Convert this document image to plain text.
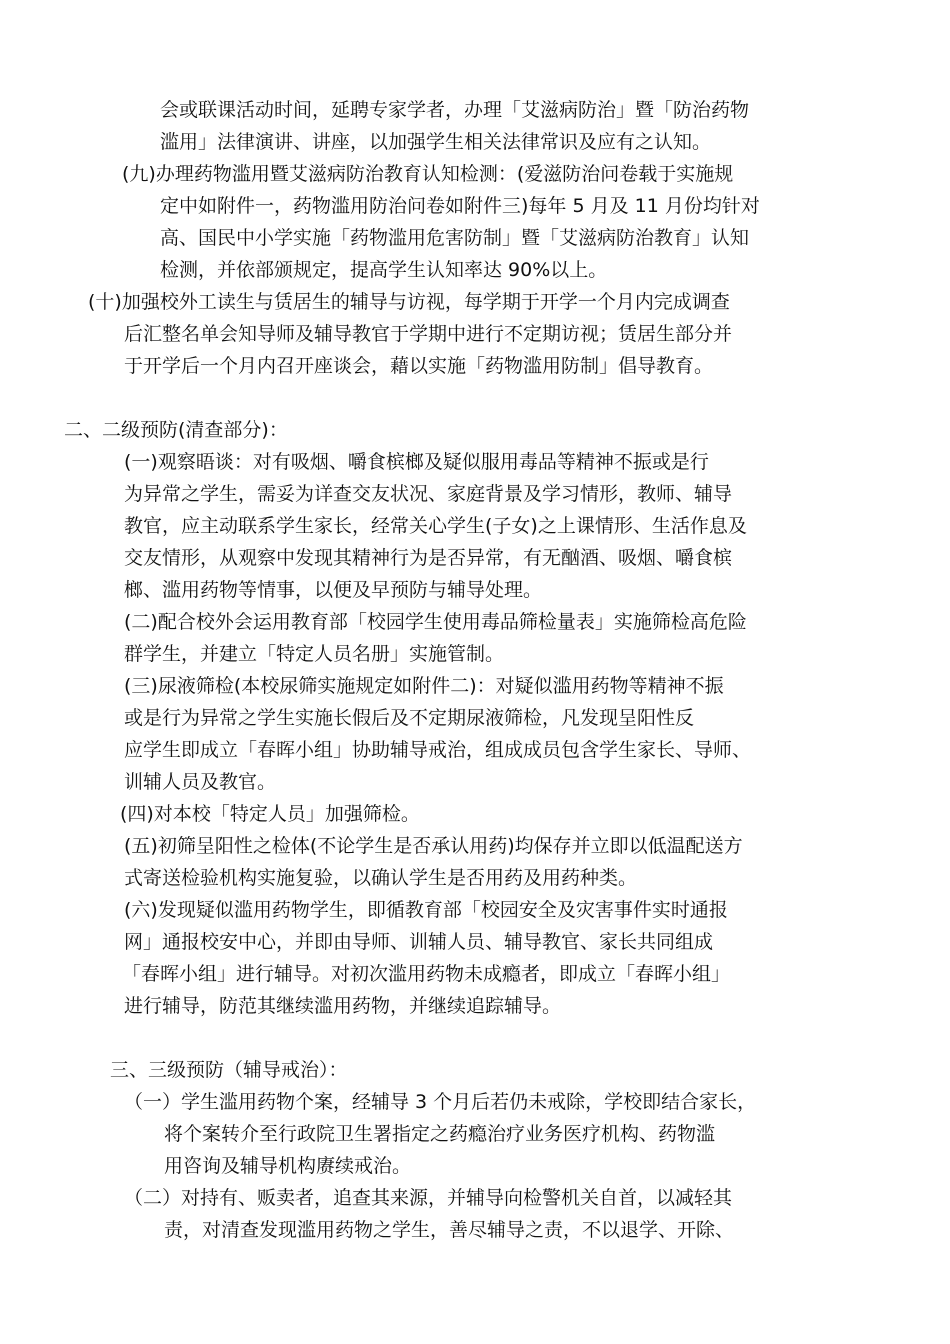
会或联课活动时间，延聘专家学者，办理「艾滋病防治」暨「防治药物
滥用」法律演讲、讲座，以加强学生相关法律常识及应有之认知。
(九)办理药物滥用暨艾滋病防治教育认知检测：(爱滋防治问卷载于实施规
定中如附件一，药物滥用防治问卷如附件三)每年 5 月及 11 月份均针对
高、国民中小学实施「药物滥用危害防制」暨「艾滋病防治教育」认知
检测，并依部颁规定，提高学生认知率达 90%以上。
(十)加强校外工读生与赁居生的辅导与访视，每学期于开学一个月内完成调查
后汇整名单会知导师及辅导教官于学期中进行不定期访视；赁居生部分并
于开学后一个月内召开座谈会，藉以实施「药物滥用防制」倡导教育。
二、二级预防(清查部分)：
(一)观察晤谈：对有吸烟、嚼食槟榔及疑似服用毒品等精神不振或是行
为异常之学生，需妥为详查交友状况、家庭背景及学习情形，教师、辅导
教官，应主动联系学生家长，经常关心学生(子女)之上课情形、生活作息及
交友情形，从观察中发现其精神行为是否异常，有无酗酒、吸烟、嚼食槟
榔、滥用药物等情事，以便及早预防与辅导处理。
(二)配合校外会运用教育部「校园学生使用毒品筛检量表」实施筛检高危险
群学生，并建立「特定人员名册」实施管制。
(三)尿液筛检(本校尿筛实施规定如附件二)：对疑似滥用药物等精神不振
或是行为异常之学生实施长假后及不定期尿液筛检，凡发现呈阳性反
应学生即成立「春晖小组」协助辅导戒治，组成成员包含学生家长、导师、
训辅人员及教官。
(四)对本校「特定人员」加强筛检。
(五)初筛呈阳性之检体(不论学生是否承认用药)均保存并立即以低温配送方
式寄送检验机构实施复验，以确认学生是否用药及用药种类。
(六)发现疑似滥用药物学生，即循教育部「校园安全及灾害事件实时通报
网」通报校安中心，并即由导师、训辅人员、辅导教官、家长共同组成
「春晖小组」进行辅导。对初次滥用药物未成瘾者，即成立「春晖小组」
进行辅导，防范其继续滥用药物，并继续追踪辅导。
三、三级预防（辅导戒治）：
（一）学生滥用药物个案，经辅导 3 个月后若仍未戒除，学校即结合家长，
将个案转介至行政院卫生署指定之药瘾治疗业务医疗机构、药物滥
用咨询及辅导机构赓续戒治。
（二）对持有、贩卖者，追查其来源，并辅导向检警机关自首，以减轻其
责，对清查发现滥用药物之学生，善尽辅导之责，不以退学、开除、
